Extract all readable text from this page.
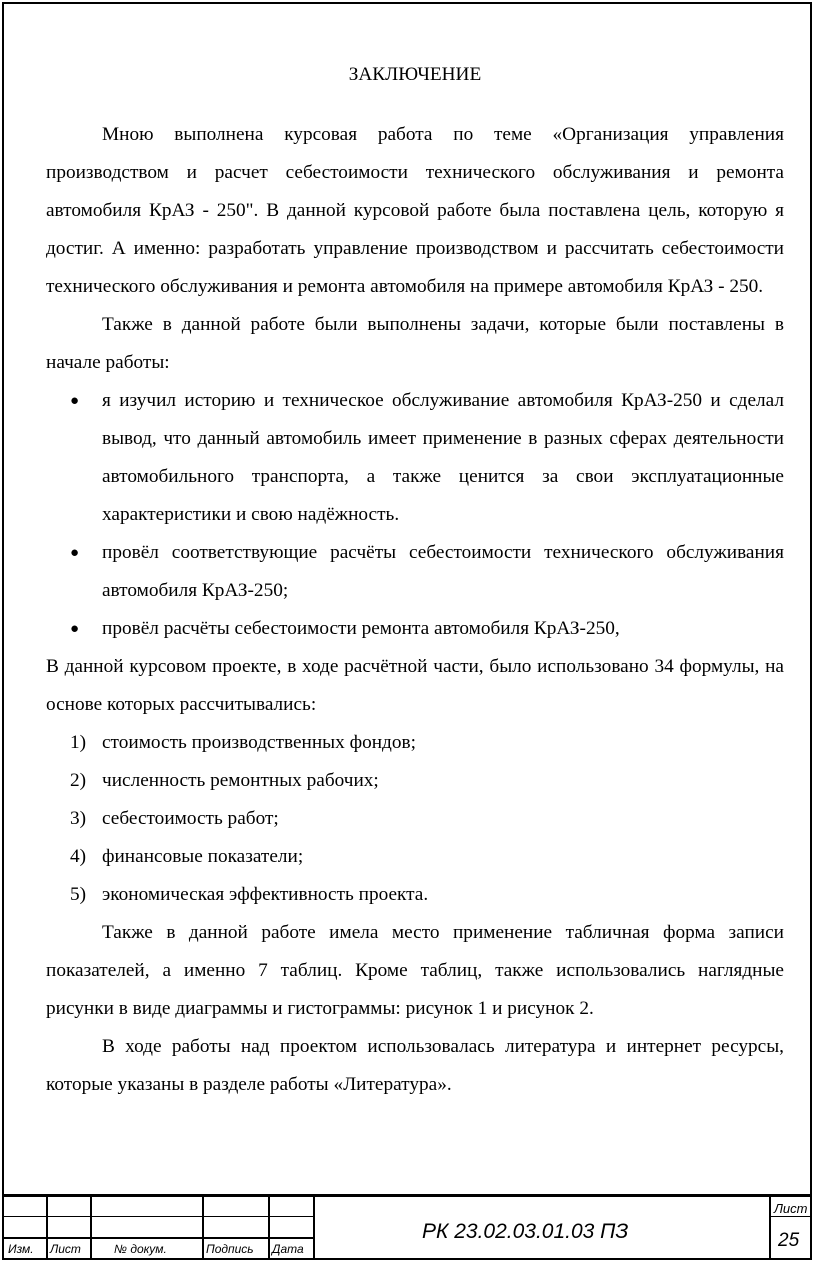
ЗАКЛЮЧЕНИЕ

Мною выполнена курсовая работа по теме «Организация управления производством и расчет себестоимости технического обслуживания и ремонта автомобиля КрАЗ - 250". В данной курсовой работе была поставлена цель, которую я достиг. А именно: разработать управление производством и рассчитать себестоимости технического обслуживания и ремонта автомобиля на примере автомобиля КрАЗ - 250.

Также в данной работе были выполнены задачи, которые были поставлены в начале работы:

● я изучил историю и техническое обслуживание автомобиля КрАЗ-250 и сделал вывод, что данный автомобиль имеет применение в разных сферах деятельности автомобильного транспорта, а также ценится за свои эксплуатационные характеристики и свою надёжность.
● провёл соответствующие расчёты себестоимости технического обслуживания автомобиля КрАЗ-250;
● провёл расчёты себестоимости ремонта автомобиля КрАЗ-250,

В данной курсовом проекте, в ходе расчётной части, было использовано 34 формулы, на основе которых рассчитывались:

1) стоимость производственных фондов;
2) численность ремонтных рабочих;
3) себестоимость работ;
4) финансовые показатели;
5) экономическая эффективность проекта.

Также в данной работе имела место применение табличная форма записи показателей, а именно 7 таблиц. Кроме таблиц, также использовались наглядные рисунки в виде диаграммы и гистограммы: рисунок 1 и рисунок 2.

В ходе работы над проектом использовалась литература и интернет ресурсы, которые указаны в разделе работы «Литература».

Изм. Лист	№ докум.	Подпись Дата
РК 23.02.03.01.03 ПЗ
Лист
25
